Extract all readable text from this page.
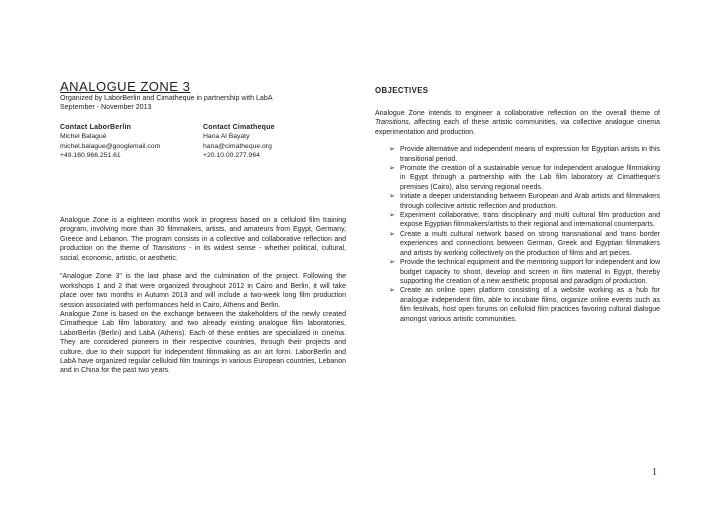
ANALOGUE ZONE 3

Organized by LaborBerlin and Cimatheque in partnership with LabA

September - November 2013

Contact LaborBerlin
Michel Balagué
michel.balague@googlemail.com
+49.160.966.251.61
Contact Cimatheque
Hana Al Bayaty
hana@cimatheque.org
+20.10.00.277.964

Analogue Zone is a eighteen months work in progress based on a celluloid film training program, involving more than 30 filmmakers, artists, and amateurs from Egypt, Germany, Greece and Lebanon. The program consists in a collective and collaborative reflection and production on the theme of Transitions - in its widest sense - whether political, cultural, social, economic, artistic, or aesthetic.

"Analogue Zone 3" is the last phase and the culmination of the project. Following the workshops 1 and 2 that were organized throughout 2012 in Cairo and Berlin, it will take place over two months in Autumn 2013 and will include a two-week long film production session associated with performances held in Cairo, Athens and Berlin.

Analogue Zone is based on the exchange between the stakeholders of the newly created Cimatheque Lab film laboratory, and two already existing analogue film laboratories, LaborBerlin (Berlin) and LabA (Athens). Each of these entities are specialized in cinema. They are considered pioneers in their respective countries, through their projects and culture, due to their support for independent filmmaking as an art form. LaborBerlin and LabA have organized regular celluloid film trainings in various European countries, Lebanon and in China for the past two years.

OBJECTIVES

Analogue Zone intends to engineer a collaborative reflection on the overall theme of Transitions, affecting each of these artistic communities, via collective analogue cinema experimentation and production.

➢ Provide alternative and independent means of expression for Egyptian artists in this transitional period.
➢ Promote the creation of a sustainable venue for independent analogue filmmaking in Egypt through a partnership with the Lab film laboratory at Cimatheque's premises (Cairo), also serving regional needs.
➢ Initiate a deeper understanding between European and Arab artists and filmmakers through collective artistic reflection and production.
➢ Experiment collaborative, trans disciplinary and multi cultural film production and expose Egyptian filmmakers/artists to their regional and international counterparts.
➢ Create a multi cultural network based on strong transnational and trans border experiences and connections between German, Greek and Egyptian filmmakers and artists by working collectively on the production of films and art pieces.
➢ Provide the technical equipment and the mentoring support for independent and low budget capacity to shoot, develop and screen in film material in Egypt, thereby supporting the creation of a new aesthetic proposal and paradigm of production.
➢ Create an online open platform consisting of a website working as a hub for analogue independent film, able to incubate films, organize online events such as film festivals, host open forums on celluloid film practices favoring cultural dialogue amongst various artistic communities.
1
